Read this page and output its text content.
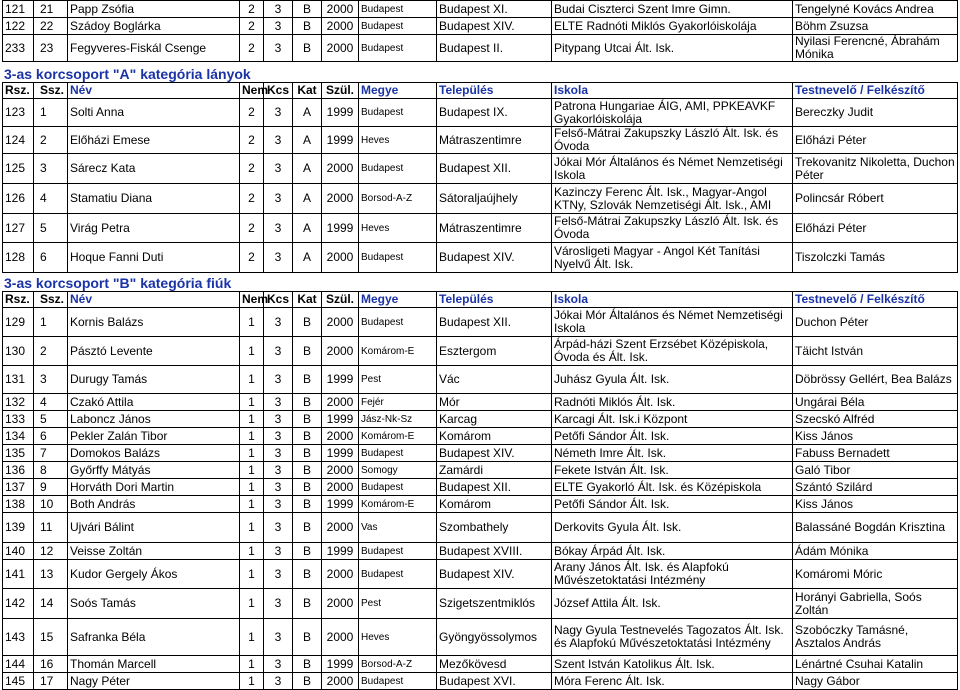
121	21	Papp Zsófia	2	3	B	2000	Budapest	Budapest XI.	Budai Ciszterci Szent Imre Gimn.	Tengelyné Kovács Andrea
122	22	Szádoy Boglárka	2	3	B	2000	Budapest	Budapest XIV.	ELTE Radnóti Miklós Gyakorlóiskolája	Böhm Zsuzsa
233	23	Fegyveres-Fiskál Csenge	2	3	B	2000	Budapest	Budapest II.	Pitypang Utcai Ált. Isk.	Nyilasi Ferencné, Ábrahám Mónika
3-as korcsoport "A" kategória lányok
Rsz.	Ssz.	Név	Nem	Kcs	Kat	Szül.	Megye	Település	Iskola	Testnevelő / Felkészítő
123	1	Solti Anna	2	3	A	1999	Budapest	Budapest IX.	Patrona Hungariae ÁIG, AMI, PPKEAVKF Gyakorlóiskolája	Bereczky Judit
124	2	Előházi Emese	2	3	A	1999	Heves	Mátraszentimre	Felső-Mátrai Zakupszky László Ált. Isk. és Óvoda	Előházi Péter
125	3	Sárecz Kata	2	3	A	2000	Budapest	Budapest XII.	Jókai Mór Általános és Német Nemzetiségi Iskola	Trekovanitz Nikoletta, Duchon Péter
126	4	Stamatiu Diana	2	3	A	2000	Borsod-A-Z	Sátoraljaújhely	Kazinczy Ferenc Ált. Isk., Magyar-Angol KTNy, Szlovák Nemzetiségi Ált. Isk., AMI	Polincsár Róbert
127	5	Virág Petra	2	3	A	1999	Heves	Mátraszentimre	Felső-Mátrai Zakupszky László Ált. Isk. és Óvoda	Előházi Péter
128	6	Hoque Fanni Duti	2	3	A	2000	Budapest	Budapest XIV.	Városligeti Magyar - Angol Két Tanítási Nyelvű Ált. Isk.	Tiszolczki Tamás
3-as korcsoport "B" kategória fiúk
Rsz.	Ssz.	Név	Nem	Kcs	Kat	Szül.	Megye	Település	Iskola	Testnevelő / Felkészítő
129	1	Kornis Balázs	1	3	B	2000	Budapest	Budapest XII.	Jókai Mór Általános és Német Nemzetiségi Iskola	Duchon Péter
130	2	Pásztó Levente	1	3	B	2000	Komárom-E	Esztergom	Árpád-házi Szent Erzsébet Középiskola, Óvoda és Ált. Isk.	Täicht István
131	3	Durugy Tamás	1	3	B	1999	Pest	Vác	Juhász Gyula Ált. Isk.	Döbrössy Gellért, Bea Balázs
132	4	Czakó Attila	1	3	B	2000	Fejér	Mór	Radnóti Miklós Ált. Isk.	Ungárai Béla
133	5	Laboncz János	1	3	B	1999	Jász-Nk-Sz	Karcag	Karcagi Ált. Isk.i Központ	Szecskó Alfréd
134	6	Pekler Zalán Tibor	1	3	B	2000	Komárom-E	Komárom	Petőfi Sándor Ált. Isk.	Kiss János
135	7	Domokos Balázs	1	3	B	1999	Budapest	Budapest XIV.	Németh Imre Ált. Isk.	Fabuss Bernadett
136	8	Győrffy Mátyás	1	3	B	2000	Somogy	Zamárdi	Fekete István Ált. Isk.	Galó Tibor
137	9	Horváth Dori Martin	1	3	B	2000	Budapest	Budapest XII.	ELTE Gyakorló Ált. Isk. és Középiskola	Szántó Szilárd
138	10	Both András	1	3	B	1999	Komárom-E	Komárom	Petőfi Sándor Ált. Isk.	Kiss János
139	11	Ujvári Bálint	1	3	B	2000	Vas	Szombathely	Derkovits Gyula Ált. Isk.	Balassáné Bogdán Krisztina
140	12	Veisse Zoltán	1	3	B	1999	Budapest	Budapest XVIII.	Bókay Árpád Ált. Isk.	Ádám Mónika
141	13	Kudor Gergely Ákos	1	3	B	2000	Budapest	Budapest XIV.	Arany János Ált. Isk. és Alapfokú Művészetoktatási Intézmény	Komáromi Móric
142	14	Soós Tamás	1	3	B	2000	Pest	Szigetszentmiklós	József Attila Ált. Isk.	Horányi Gabriella, Soós Zoltán
143	15	Safranka Béla	1	3	B	2000	Heves	Gyöngyössolymos	Nagy Gyula Testnevelés Tagozatos Ált. Isk. és Alapfokú Művészetoktatási Intézmény	Szobóczky Tamásné, Asztalos András
144	16	Thomán Marcell	1	3	B	1999	Borsod-A-Z	Mezőkövesd	Szent István Katolikus Ált. Isk.	Lénártné Csuhai Katalin
145	17	Nagy Péter	1	3	B	2000	Budapest	Budapest XVI.	Móra Ferenc Ált. Isk.	Nagy Gábor
